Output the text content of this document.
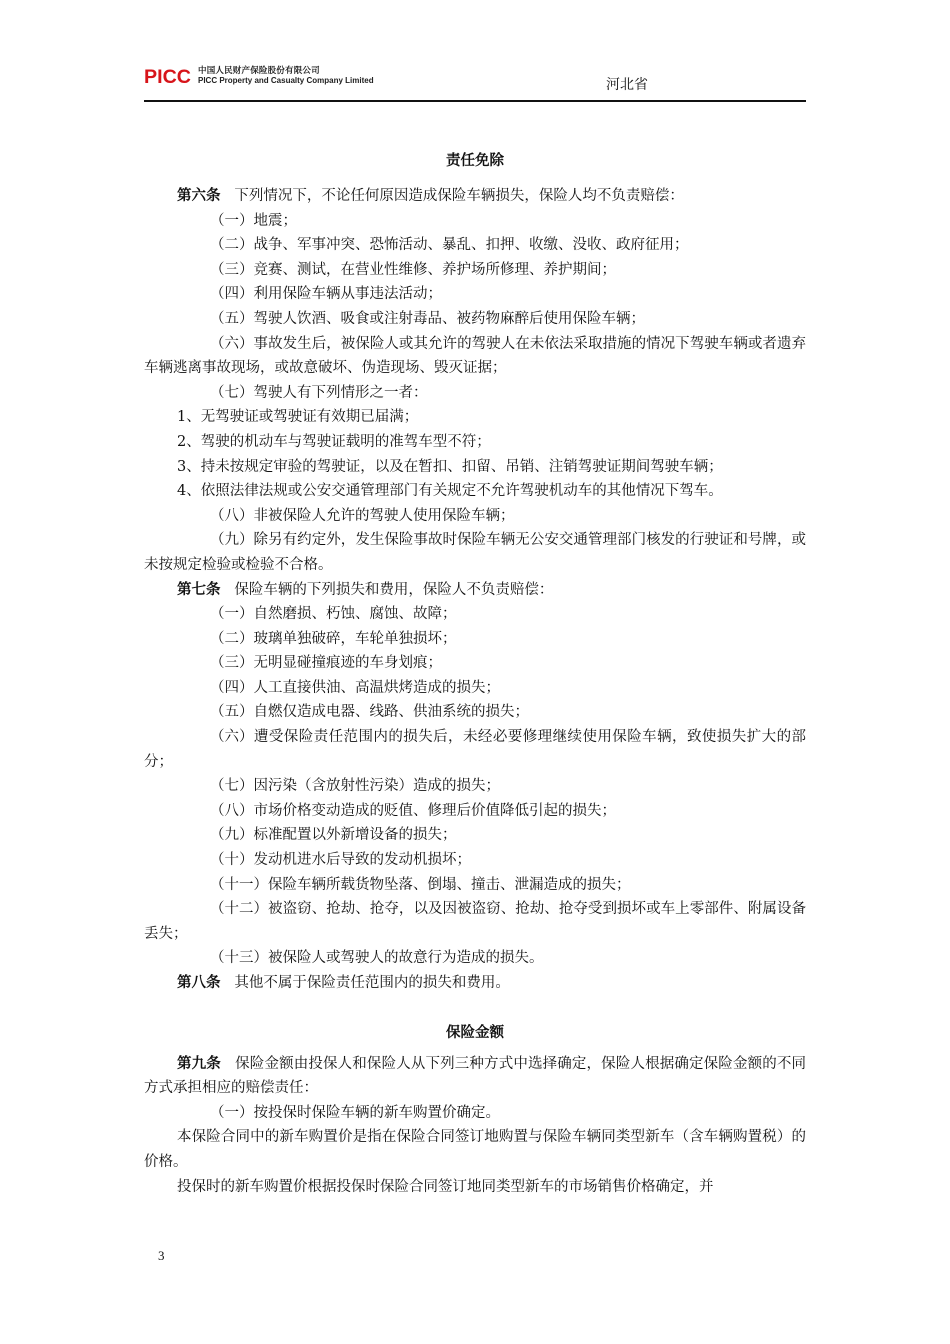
PICC 中国人民财产保险股份有限公司
PICC Property and Casualty Company Limited	河北省
责任免除
第六条 下列情况下，不论任何原因造成保险车辆损失，保险人均不负责赔偿：
（一）地震；
（二）战争、军事冲突、恐怖活动、暴乱、扣押、收缴、没收、政府征用；
（三）竞赛、测试，在营业性维修、养护场所修理、养护期间；
（四）利用保险车辆从事违法活动；
（五）驾驶人饮酒、吸食或注射毒品、被药物麻醉后使用保险车辆；
（六）事故发生后，被保险人或其允许的驾驶人在未依法采取措施的情况下驾驶车辆或者遗弃车辆逃离事故现场，或故意破坏、伪造现场、毁灭证据；
（七）驾驶人有下列情形之一者：
1、无驾驶证或驾驶证有效期已届满；
2、驾驶的机动车与驾驶证载明的准驾车型不符；
3、持未按规定审验的驾驶证，以及在暂扣、扣留、吊销、注销驾驶证期间驾驶车辆；
4、依照法律法规或公安交通管理部门有关规定不允许驾驶机动车的其他情况下驾车。
（八）非被保险人允许的驾驶人使用保险车辆；
（九）除另有约定外，发生保险事故时保险车辆无公安交通管理部门核发的行驶证和号牌，或未按规定检验或检验不合格。
第七条 保险车辆的下列损失和费用，保险人不负责赔偿：
（一）自然磨损、朽蚀、腐蚀、故障；
（二）玻璃单独破碎，车轮单独损坏；
（三）无明显碰撞痕迹的车身划痕；
（四）人工直接供油、高温烘烤造成的损失；
（五）自燃仅造成电器、线路、供油系统的损失；
（六）遭受保险责任范围内的损失后，未经必要修理继续使用保险车辆，致使损失扩大的部分；
（七）因污染（含放射性污染）造成的损失；
（八）市场价格变动造成的贬值、修理后价值降低引起的损失；
（九）标准配置以外新增设备的损失；
（十）发动机进水后导致的发动机损坏；
（十一）保险车辆所载货物坠落、倒塌、撞击、泄漏造成的损失；
（十二）被盗窃、抢劫、抢夺，以及因被盗窃、抢劫、抢夺受到损坏或车上零部件、附属设备丢失；
（十三）被保险人或驾驶人的故意行为造成的损失。
第八条 其他不属于保险责任范围内的损失和费用。
保险金额
第九条 保险金额由投保人和保险人从下列三种方式中选择确定，保险人根据确定保险金额的不同方式承担相应的赔偿责任：
（一）按投保时保险车辆的新车购置价确定。
本保险合同中的新车购置价是指在保险合同签订地购置与保险车辆同类型新车（含车辆购置税）的价格。
投保时的新车购置价根据投保时保险合同签订地同类型新车的市场销售价格确定，并
3
